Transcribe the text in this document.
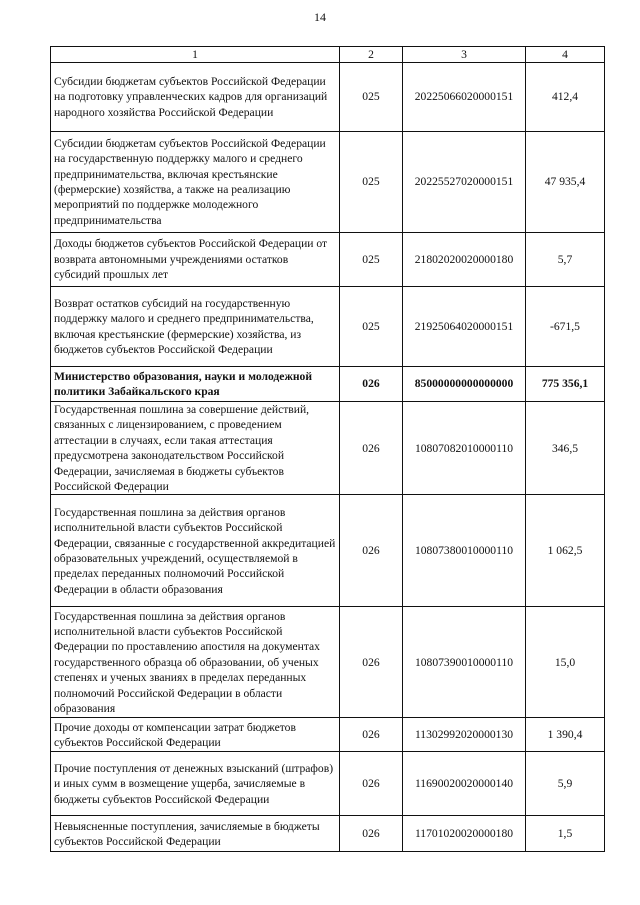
14
1	2	3	4
Субсидии бюджетам субъектов Российской Федерации на подготовку управленческих кадров для организаций народного хозяйства Российской Федерации	025	20225066020000151	412,4
Субсидии бюджетам субъектов Российской Федерации на государственную поддержку малого и среднего предпринимательства, включая крестьянские (фермерские) хозяйства, а также на реализацию мероприятий по поддержке молодежного предпринимательства	025	20225527020000151	47 935,4
Доходы бюджетов субъектов Российской Федерации от возврата автономными учреждениями остатков субсидий прошлых лет	025	21802020020000180	5,7
Возврат остатков субсидий на государственную поддержку малого и среднего предпринимательства, включая крестьянские (фермерские) хозяйства, из бюджетов субъектов Российской Федерации	025	21925064020000151	-671,5
Министерство образования, науки и молодежной политики Забайкальского края	026	85000000000000000	775 356,1
Государственная пошлина за совершение действий, связанных с лицензированием, с проведением аттестации в случаях, если такая аттестация предусмотрена законодательством Российской Федерации, зачисляемая в бюджеты субъектов Российской Федерации	026	10807082010000110	346,5
Государственная пошлина за действия органов исполнительной власти субъектов Российской Федерации, связанные с государственной аккредитацией образовательных учреждений, осуществляемой в пределах переданных полномочий Российской Федерации в области образования	026	10807380010000110	1 062,5
Государственная пошлина за действия органов исполнительной власти субъектов Российской Федерации по проставлению апостиля на документах государственного образца об образовании, об ученых степенях и ученых званиях в пределах переданных полномочий Российской Федерации в области образования	026	10807390010000110	15,0
Прочие доходы от компенсации затрат бюджетов субъектов Российской Федерации	026	11302992020000130	1 390,4
Прочие поступления от денежных взысканий (штрафов) и иных сумм в возмещение ущерба, зачисляемые в бюджеты субъектов Российской Федерации	026	11690020020000140	5,9
Невыясненные поступления, зачисляемые в бюджеты субъектов Российской Федерации	026	11701020020000180	1,5
